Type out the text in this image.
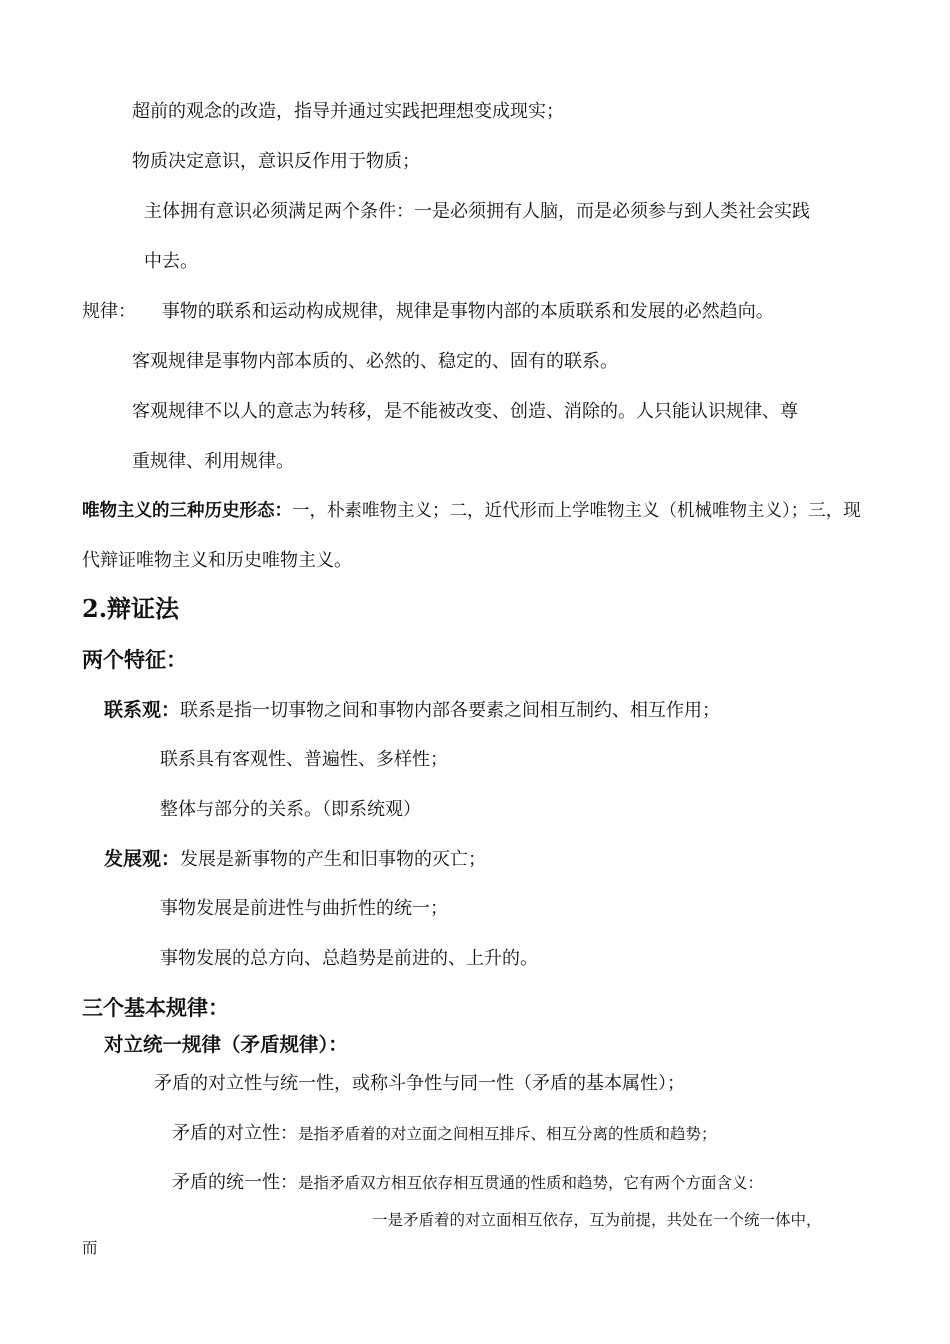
超前的观念的改造，指导并通过实践把理想变成现实；
物质决定意识，意识反作用于物质；
主体拥有意识必须满足两个条件：一是必须拥有人脑，而是必须参与到人类社会实践
中去。
规律： 事物的联系和运动构成规律，规律是事物内部的本质联系和发展的必然趋向。
客观规律是事物内部本质的、必然的、稳定的、固有的联系。
客观规律不以人的意志为转移，是不能被改变、创造、消除的。人只能认识规律、尊
重规律、利用规律。
唯物主义的三种历史形态：一，朴素唯物主义；二，近代形而上学唯物主义（机械唯物主义）；三，现
代辩证唯物主义和历史唯物主义。
2.辩证法
两个特征：
联系观：联系是指一切事物之间和事物内部各要素之间相互制约、相互作用；
联系具有客观性、普遍性、多样性；
整体与部分的关系。（即系统观）
发展观：发展是新事物的产生和旧事物的灭亡；
事物发展是前进性与曲折性的统一；
事物发展的总方向、总趋势是前进的、上升的。
三个基本规律：
对立统一规律（矛盾规律）：
矛盾的对立性与统一性，或称斗争性与同一性（矛盾的基本属性）；
矛盾的对立性：是指矛盾着的对立面之间相互排斥、相互分离的性质和趋势；
矛盾的统一性：是指矛盾双方相互依存相互贯通的性质和趋势，它有两个方面含义：
一是矛盾着的对立面相互依存，互为前提，共处在一个统一体中，
而
